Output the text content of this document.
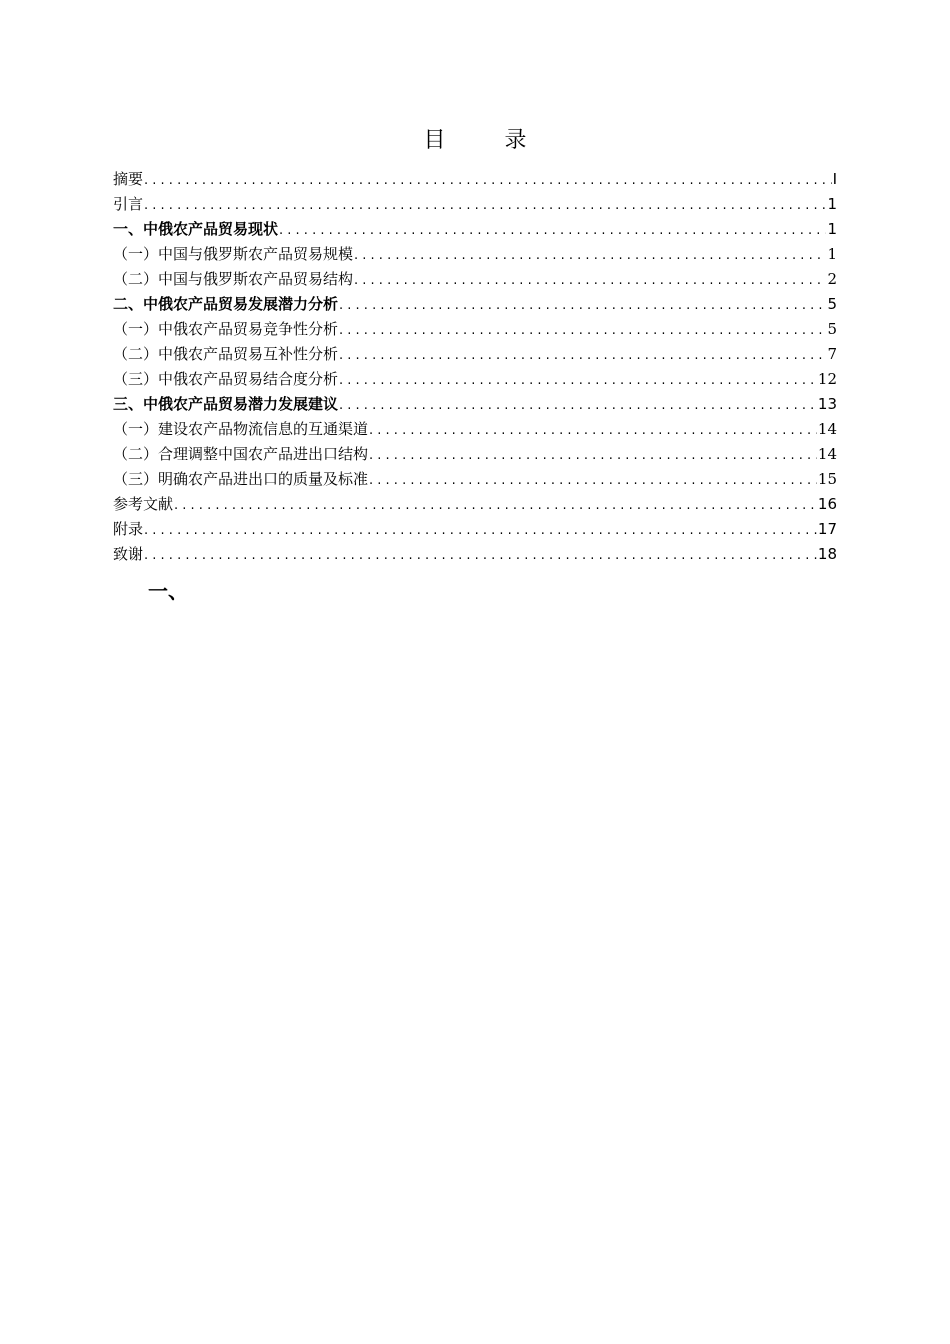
目 录
摘要 . . .	I
引言 . . .	1
一、中俄农产品贸易现状 . . .	1
（一）中国与俄罗斯农产品贸易规模 . . .	1
（二）中国与俄罗斯农产品贸易结构 . . .	2
二、中俄农产品贸易发展潜力分析 . . .	5
（一）中俄农产品贸易竞争性分析 . . .	5
（二）中俄农产品贸易互补性分析 . . .	7
（三）中俄农产品贸易结合度分析 . . .	12
三、中俄农产品贸易潜力发展建议 . . .	13
（一）建设农产品物流信息的互通渠道 . . .	14
（二）合理调整中国农产品进出口结构 . . .	14
（三）明确农产品进出口的质量及标准 . . .	15
参考文献 . . .	16
附录 . . .	17
致谢 . . .	18
一、
